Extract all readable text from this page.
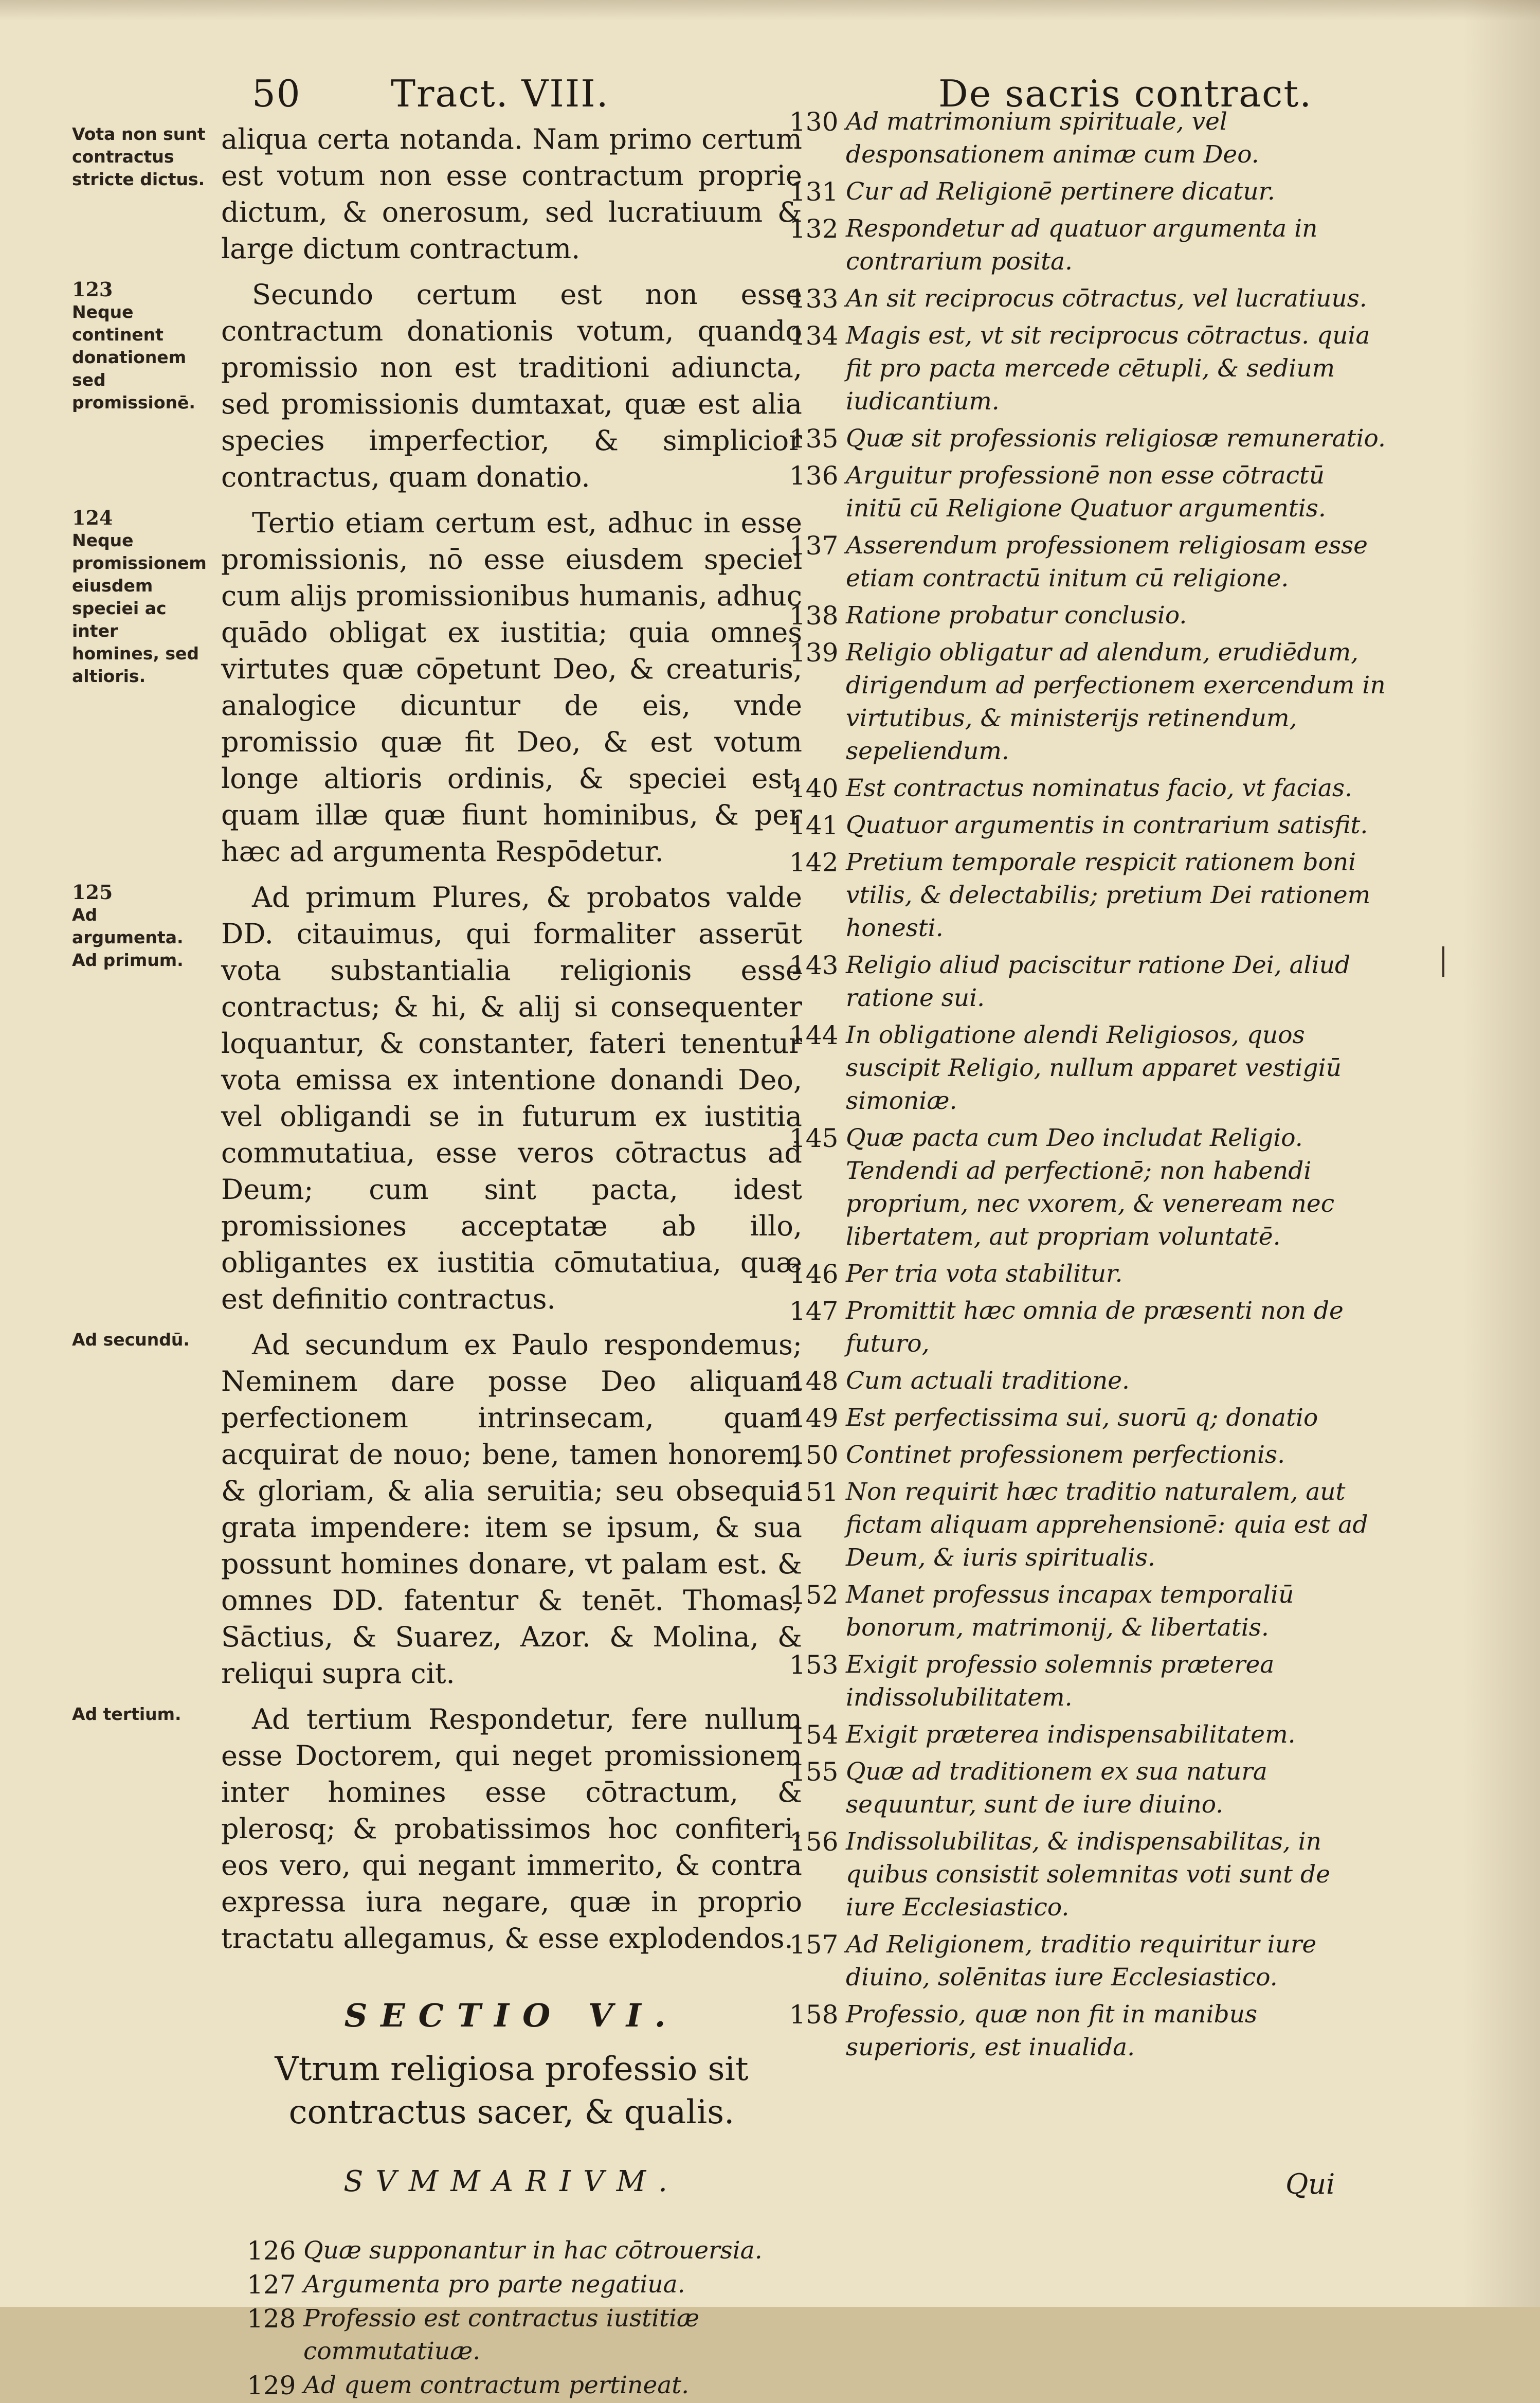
50 Tract. VIII.	De sacris contract.
Vota non sunt contractus stricte dictus.
aliqua certa notanda. Nam primo certum est votum non esse contractum proprie dictum, & onerosum, sed lucratiuum & large dictum contractum.
123
Neque continent donationem sed promissionē.
Secundo certum est non esse contractum donationis votum, quando promissio non est traditioni adiuncta, sed promissionis dumtaxat, quæ est alia species imperfectior, & simplicior contractus, quam donatio.
124
Neque promissionem eiusdem speciei ac inter homines, sed altioris.
Tertio etiam certum est, adhuc in esse promissionis, nō esse eiusdem speciei cum alijs promissionibus humanis, adhuc quādo obligat ex iustitia; quia omnes virtutes quæ cōpetunt Deo, & creaturis, analogice dicuntur de eis, vnde promissio quæ fit Deo, & est votum longe altioris ordinis, & speciei est, quam illæ quæ fiunt hominibus, & per hæc ad argumenta Respōdetur.
125
Ad argumenta. Ad primum.
Ad primum Plures, & probatos valde DD. citauimus, qui formaliter asserūt vota substantialia religionis esse contractus; & hi, & alij si consequenter loquantur, & constanter, fateri tenentur vota emissa ex intentione donandi Deo, vel obligandi se in futurum ex iustitia commutatiua, esse veros cōtractus ad Deum; cum sint pacta, idest promissiones acceptatæ ab illo, obligantes ex iustitia cōmutatiua, quæ est definitio contractus.
Ad secundū.	Ad secundum ex Paulo respondemus; Neminem dare posse Deo aliquam perfectionem intrinsecam, quam acquirat de nouo; bene, tamen honorem, & gloriam, & alia seruitia; seu obsequia grata impendere: item se ipsum, & sua possunt homines donare, vt palam est. & omnes DD. fatentur & tenēt. Thomas, Sāctius, & Suarez, Azor. & Molina, & reliqui supra cit.
Ad tertium.	Ad tertium Respondetur, fere nullum esse Doctorem, qui neget promissionem inter homines esse cōtractum, & plerosq; & probatissimos hoc confiteri, eos vero, qui negant immerito, & contra expressa iura negare, quæ in proprio tractatu allegamus, & esse explodendos.
SECTIO VI.
Vtrum religiosa professio sit contractus sacer, & qualis.
SVMMARIVM.
126 Quæ supponantur in hac cōtrouersia.
127 Argumenta pro parte negatiua.
128 Professio est contractus iustitiæ commutatiuæ.
129 Ad quem contractum pertineat.
130 Ad matrimonium spirituale, vel desponsationem animæ cum Deo.
131 Cur ad Religionē pertinere dicatur.
132 Respondetur ad quatuor argumenta in contrarium posita.
133 An sit reciprocus cōtractus, vel lucratiuus.
134 Magis est, vt sit reciprocus cōtractus. quia fit pro pacta mercede cētupli, & sedium iudicantium.
135 Quæ sit professionis religiosæ remuneratio.
136 Arguitur professionē non esse cōtractū initū cū Religione Quatuor argumentis.
137 Asserendum professionem religiosam esse etiam contractū initum cū religione.
138 Ratione probatur conclusio.
139 Religio obligatur ad alendum, erudiēdum, dirigendum ad perfectionem exercendum in virtutibus, & ministerijs retinendum, sepeliendum.
140 Est contractus nominatus facio, vt facias.
141 Quatuor argumentis in contrarium satisfit.
142 Pretium temporale respicit rationem boni vtilis, & delectabilis; pretium Dei rationem honesti.
143 Religio aliud paciscitur ratione Dei, aliud ratione sui.
144 In obligatione alendi Religiosos, quos suscipit Religio, nullum apparet vestigiū simoniæ.
145 Quæ pacta cum Deo includat Religio. Tendendi ad perfectionē; non habendi proprium, nec vxorem, & veneream nec libertatem, aut propriam voluntatē.
146 Per tria vota stabilitur.
147 Promittit hæc omnia de præsenti non de futuro,
148 Cum actuali traditione.
149 Est perfectissima sui, suorū q; donatio
150 Continet professionem perfectionis.
151 Non requirit hæc traditio naturalem, aut fictam aliquam apprehensionē: quia est ad Deum, & iuris spiritualis.
152 Manet professus incapax temporaliū bonorum, matrimonij, & libertatis.
153 Exigit professio solemnis præterea indissolubilitatem.
154 Exigit præterea indispensabilitatem.
155 Quæ ad traditionem ex sua natura sequuntur, sunt de iure diuino.
156 Indissolubilitas, & indispensabilitas, in quibus consistit solemnitas voti sunt de iure Ecclesiastico.
157 Ad Religionem, traditio requiritur iure diuino, solēnitas iure Ecclesiastico.
158 Professio, quæ non fit in manibus superioris, est inualida.
Qui
